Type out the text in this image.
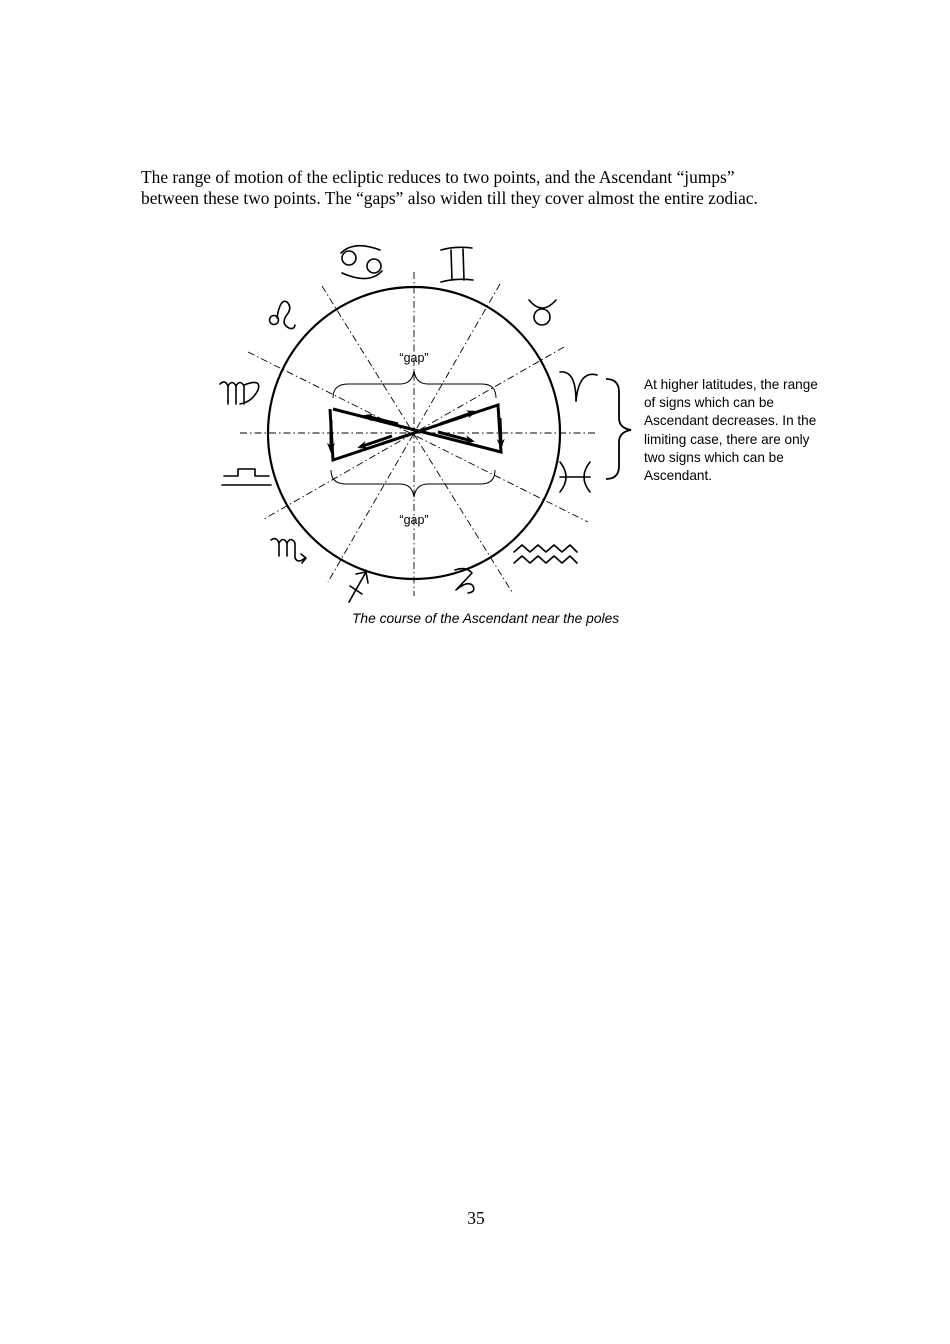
The range of motion of the ecliptic reduces to two points, and the Ascendant “jumps”
between these two points. The “gaps” also widen till they cover almost the entire zodiac.

“gap”
“gap”

At higher latitudes, the range
of signs which can be
Ascendant decreases. In the
limiting case, there are only
two signs which can be
Ascendant.

The course of the Ascendant near the poles
35
